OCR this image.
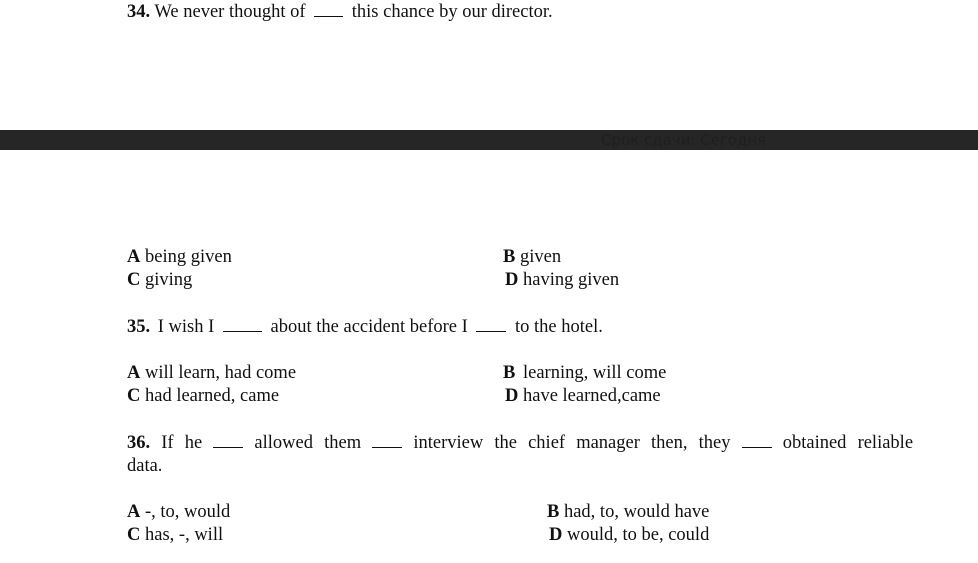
34. We never thought of	this chance by our director.
Срок сдачи: Сегодня
A being given	B given
C giving	D having given
35. I wish I	about the accident before I	to the hotel.
A will learn, had come	B learning, will come
C had learned, came	D have learned,came
36. If he	allowed them	interview the chief manager then, they	obtained reliable
data.
A -, to, would	B had, to, would have
C has, -, will	D would, to be, could
